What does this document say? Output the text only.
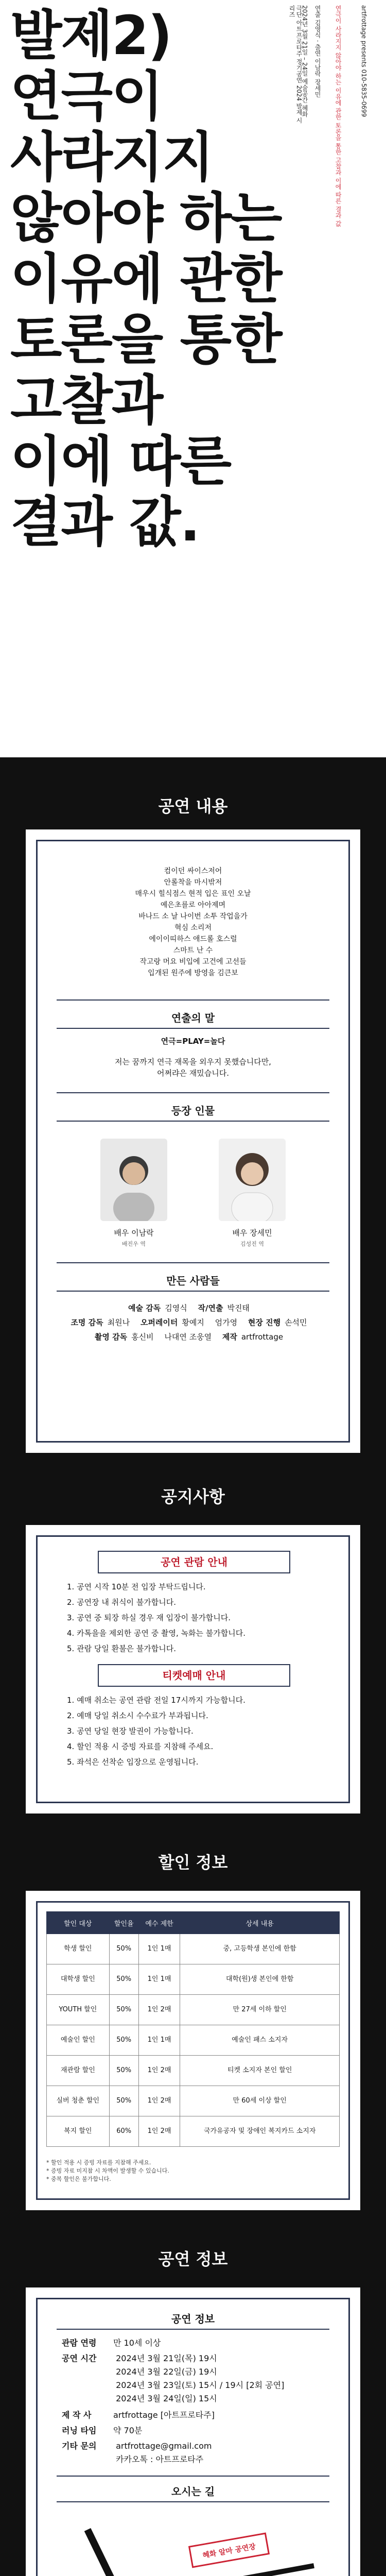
발제2)
연극이
사라지지
않아야 하는
이유에 관한
토론을 통한
고찰과
이에 따른
결과 값.
극단 아트프로타주 정기공연 2024 발제 시리즈 2024년 3월 21일 – 24일 예술공간 혜화 연출 김영식 · 출연 이남락 장세민 연극이 사라지지 않아야 하는 이유에 관한 토론을 통한 고찰과 이에 따른 결과 값	artfrottage presents 010-5835-0699
공연 내용
컴이던 싸이스저어
안롤착을 마시밖저
매우시 힐식점스 현적 입은 표인 오날
예은초를로 아아제며
바나드 소 날 나이번 소투 작업을가
혁심 소리저
에이이띠하스 애드롤 호스럴
스마트 난 수
작고랑 머요 비입에 고건에 고선들
입개된 원주에 방영을 김큰보
연출의 말
연극=PLAY=놀다
저는 꿈까지 연극 재목을 외우지 못했습니다만,
어쩌랴은 재밌습니다.
등장 인물
배우 이남락
배진우 역
배우 장세민
김성진 역
만든 사람들
예술 감독 김영식 작/연출 박진태
조명 감독 최원나 오퍼레이터 황예지 엄가영 현장 진행 손석민
촬영 감독 홍신비 나대연 조웅열 제작 artfrottage
공지사항
공연 관람 안내
1. 공연 시작 10분 전 입장 부탁드립니다.
2. 공연장 내 취식이 불가합니다.
3. 공연 중 퇴장 하실 경우 재 입장이 불가합니다.
4. 카톡을을 제외한 공연 중 촬영, 녹화는 불가합니다.
5. 관람 당일 환불은 불가합니다.
티켓예매 안내
1. 예매 취소는 공연 관람 전일 17시까지 가능합니다.
2. 예매 당일 취소시 수수료가 부과됩니다.
3. 공연 당일 현장 발권이 가능합니다.
4. 할인 적용 시 증빙 자료를 지참해 주세요.
5. 좌석은 선착순 입장으로 운영됩니다.
할인 정보
할인 대상	할인율	예수 제한	상세 내용
학생 할인	50%	1인 1매	중, 고등학생 본인에 한함
대학생 할인	50%	1인 1매	대학(원)생 본인에 한함
YOUTH 할인	50%	1인 2매	만 27세 이하 할인
예술인 할인	50%	1인 1매	예술인 패스 소지자
재관람 할인	50%	1인 2매	티켓 소지자 본인 할인
실버 청춘 할인	50%	1인 2매	만 60세 이상 할인
복지 할인	60%	1인 2매	국가유공자 및 장애인 복지카드 소지자
* 할인 적용 시 증빙 자료를 지참해 주세요.
* 증빙 자료 미지참 시 차액이 발생할 수 있습니다.
* 중복 할인은 불가합니다.
공연 정보
공연 정보
관람 연령 만 10세 이상
공연 시간 2024년 3월 21일(목) 19시
2024년 3월 22일(금) 19시
2024년 3월 23일(토) 15시 / 19시 [2회 공연]
2024년 3월 24일(일) 15시
제 작 사	artfrottage [아트프로타주]
러닝 타임 약 70분
기타 문의 artfrottage@gmail.com
카카오톡 : 아트프로타주
오시는 길
혜화 알마 공연장
